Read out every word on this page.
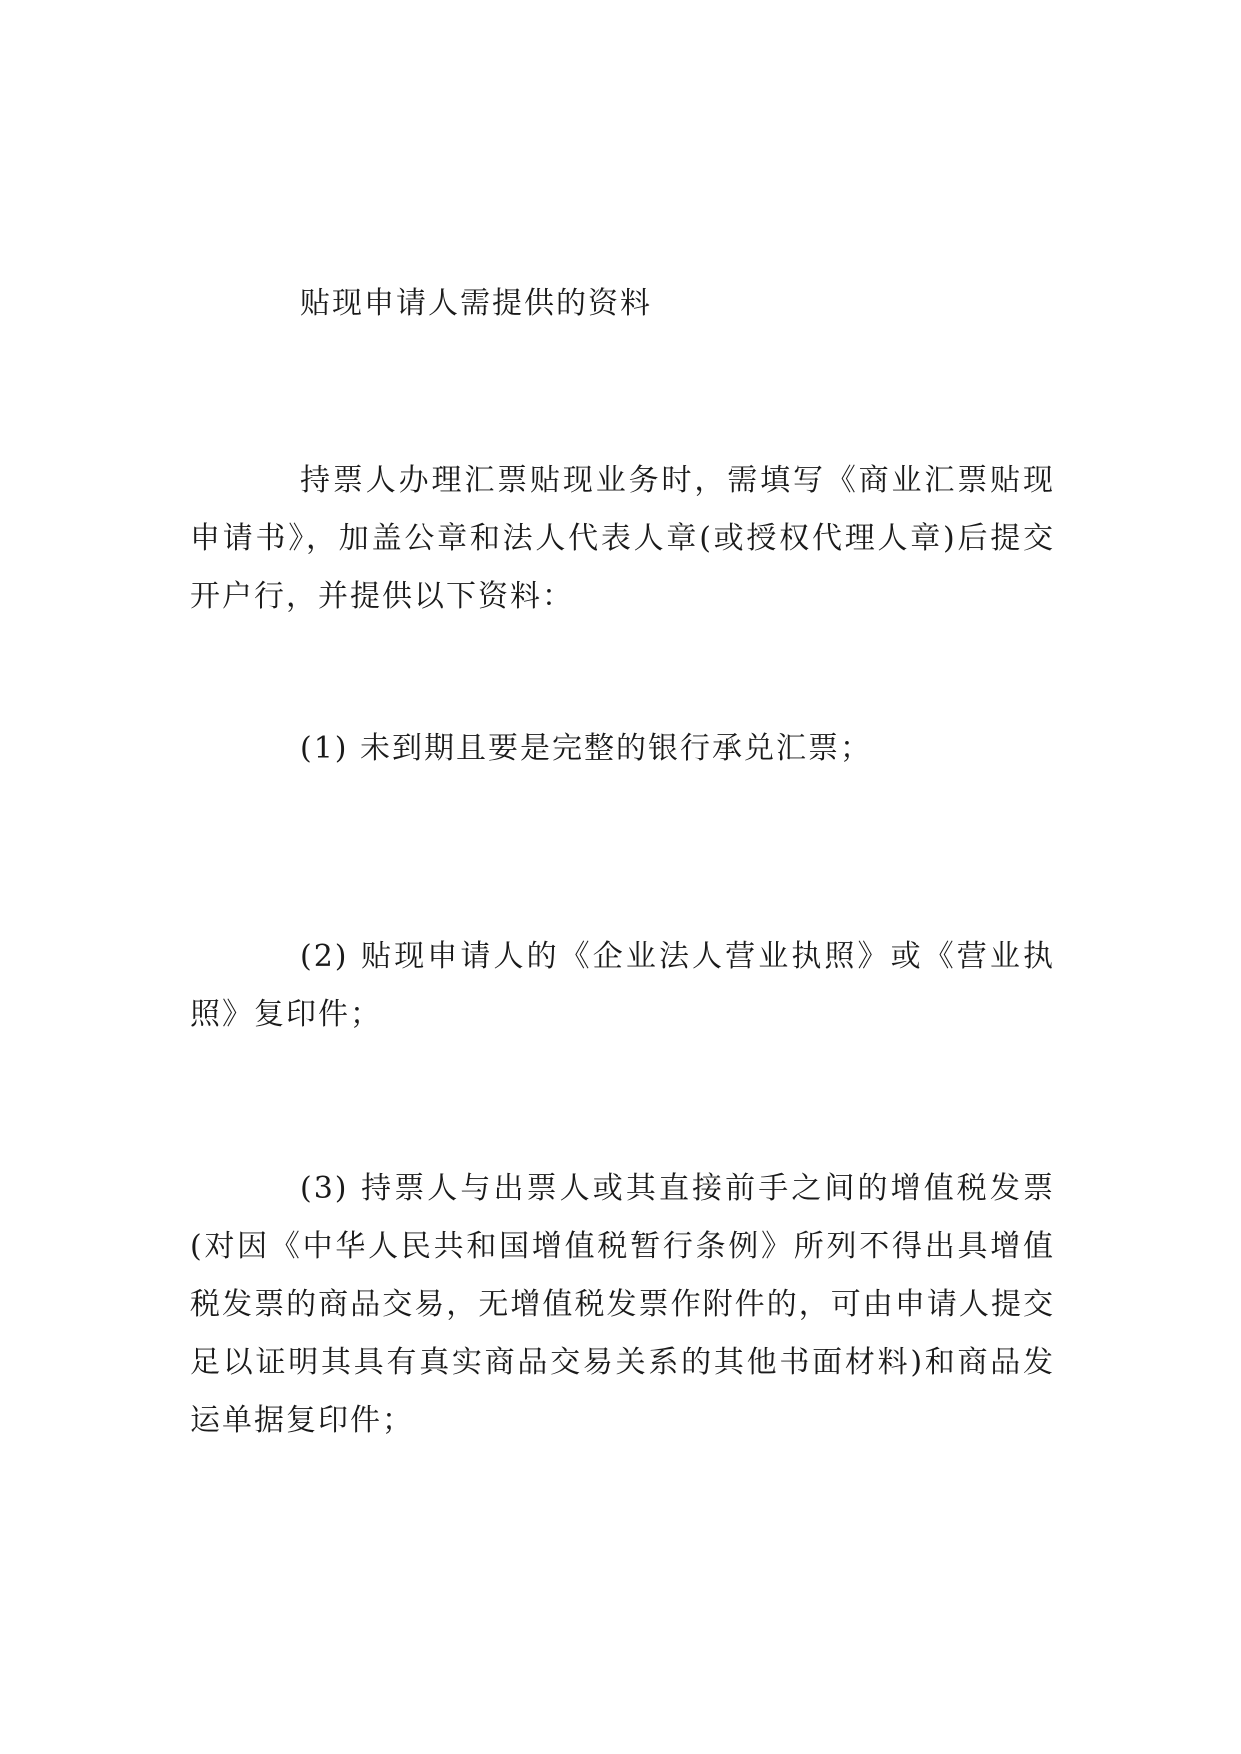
贴现申请人需提供的资料

持票人办理汇票贴现业务时，需填写《商业汇票贴现申请书》，加盖公章和法人代表人章(或授权代理人章)后提交开户行，并提供以下资料：

(1) 未到期且要是完整的银行承兑汇票；

(2) 贴现申请人的《企业法人营业执照》或《营业执照》复印件；

(3) 持票人与出票人或其直接前手之间的增值税发票(对因《中华人民共和国增值税暂行条例》所列不得出具增值税发票的商品交易，无增值税发票作附件的，可由申请人提交足以证明其具有真实商品交易关系的其他书面材料)和商品发运单据复印件；
